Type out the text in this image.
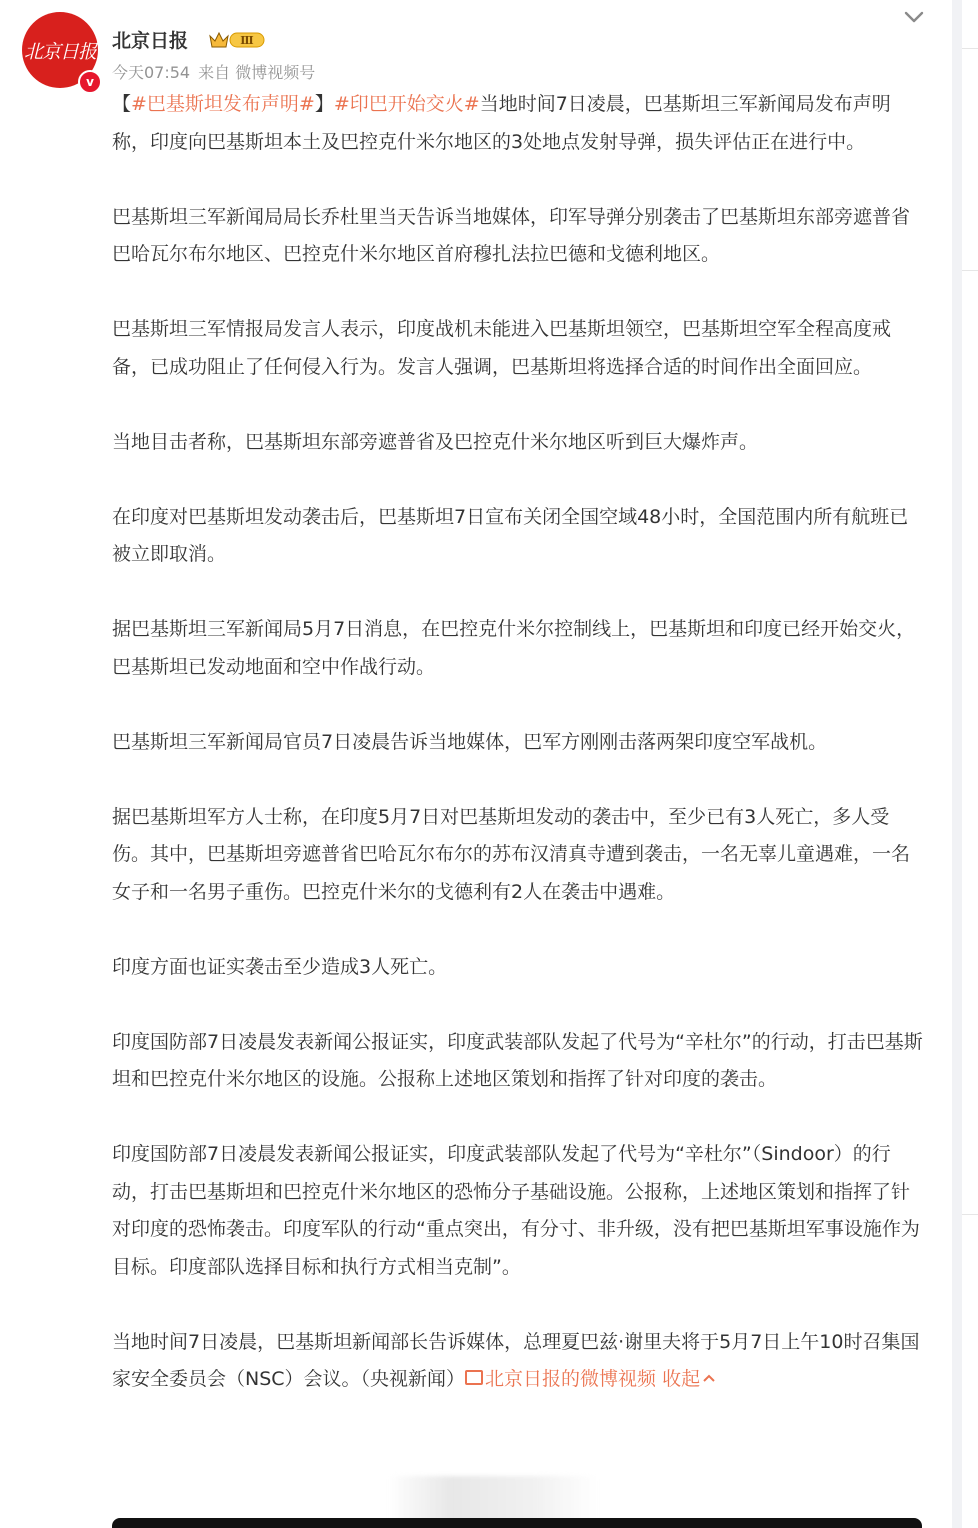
北京日报
v
北京日报	Ⅲ
今天07:54 来自 微博视频号

【#巴基斯坦发布声明#】#印巴开始交火#当地时间7日凌晨，巴基斯坦三军新闻局发布声明称，印度向巴基斯坦本土及巴控克什米尔地区的3处地点发射导弹，损失评估正在进行中。

巴基斯坦三军新闻局局长乔杜里当天告诉当地媒体，印军导弹分别袭击了巴基斯坦东部旁遮普省巴哈瓦尔布尔地区、巴控克什米尔地区首府穆扎法拉巴德和戈德利地区。

巴基斯坦三军情报局发言人表示，印度战机未能进入巴基斯坦领空，巴基斯坦空军全程高度戒备，已成功阻止了任何侵入行为。发言人强调，巴基斯坦将选择合适的时间作出全面回应。

当地目击者称，巴基斯坦东部旁遮普省及巴控克什米尔地区听到巨大爆炸声。

在印度对巴基斯坦发动袭击后，巴基斯坦7日宣布关闭全国空域48小时，全国范围内所有航班已被立即取消。

据巴基斯坦三军新闻局5月7日消息，在巴控克什米尔控制线上，巴基斯坦和印度已经开始交火，巴基斯坦已发动地面和空中作战行动。

巴基斯坦三军新闻局官员7日凌晨告诉当地媒体，巴军方刚刚击落两架印度空军战机。

据巴基斯坦军方人士称，在印度5月7日对巴基斯坦发动的袭击中，至少已有3人死亡，多人受伤。其中，巴基斯坦旁遮普省巴哈瓦尔布尔的苏布汉清真寺遭到袭击，一名无辜儿童遇难，一名女子和一名男子重伤。巴控克什米尔的戈德利有2人在袭击中遇难。

印度方面也证实袭击至少造成3人死亡。

印度国防部7日凌晨发表新闻公报证实，印度武装部队发起了代号为“辛杜尔”的行动，打击巴基斯坦和巴控克什米尔地区的设施。公报称上述地区策划和指挥了针对印度的袭击。

印度国防部7日凌晨发表新闻公报证实，印度武装部队发起了代号为“辛杜尔”（Sindoor）的行动，打击巴基斯坦和巴控克什米尔地区的恐怖分子基础设施。公报称，上述地区策划和指挥了针对印度的恐怖袭击。印度军队的行动“重点突出，有分寸、非升级，没有把巴基斯坦军事设施作为目标。印度部队选择目标和执行方式相当克制”。

当地时间7日凌晨，巴基斯坦新闻部长告诉媒体，总理夏巴兹·谢里夫将于5月7日上午10时召集国家安全委员会（NSC）会议。（央视新闻） 北京日报的微博视频 收起
